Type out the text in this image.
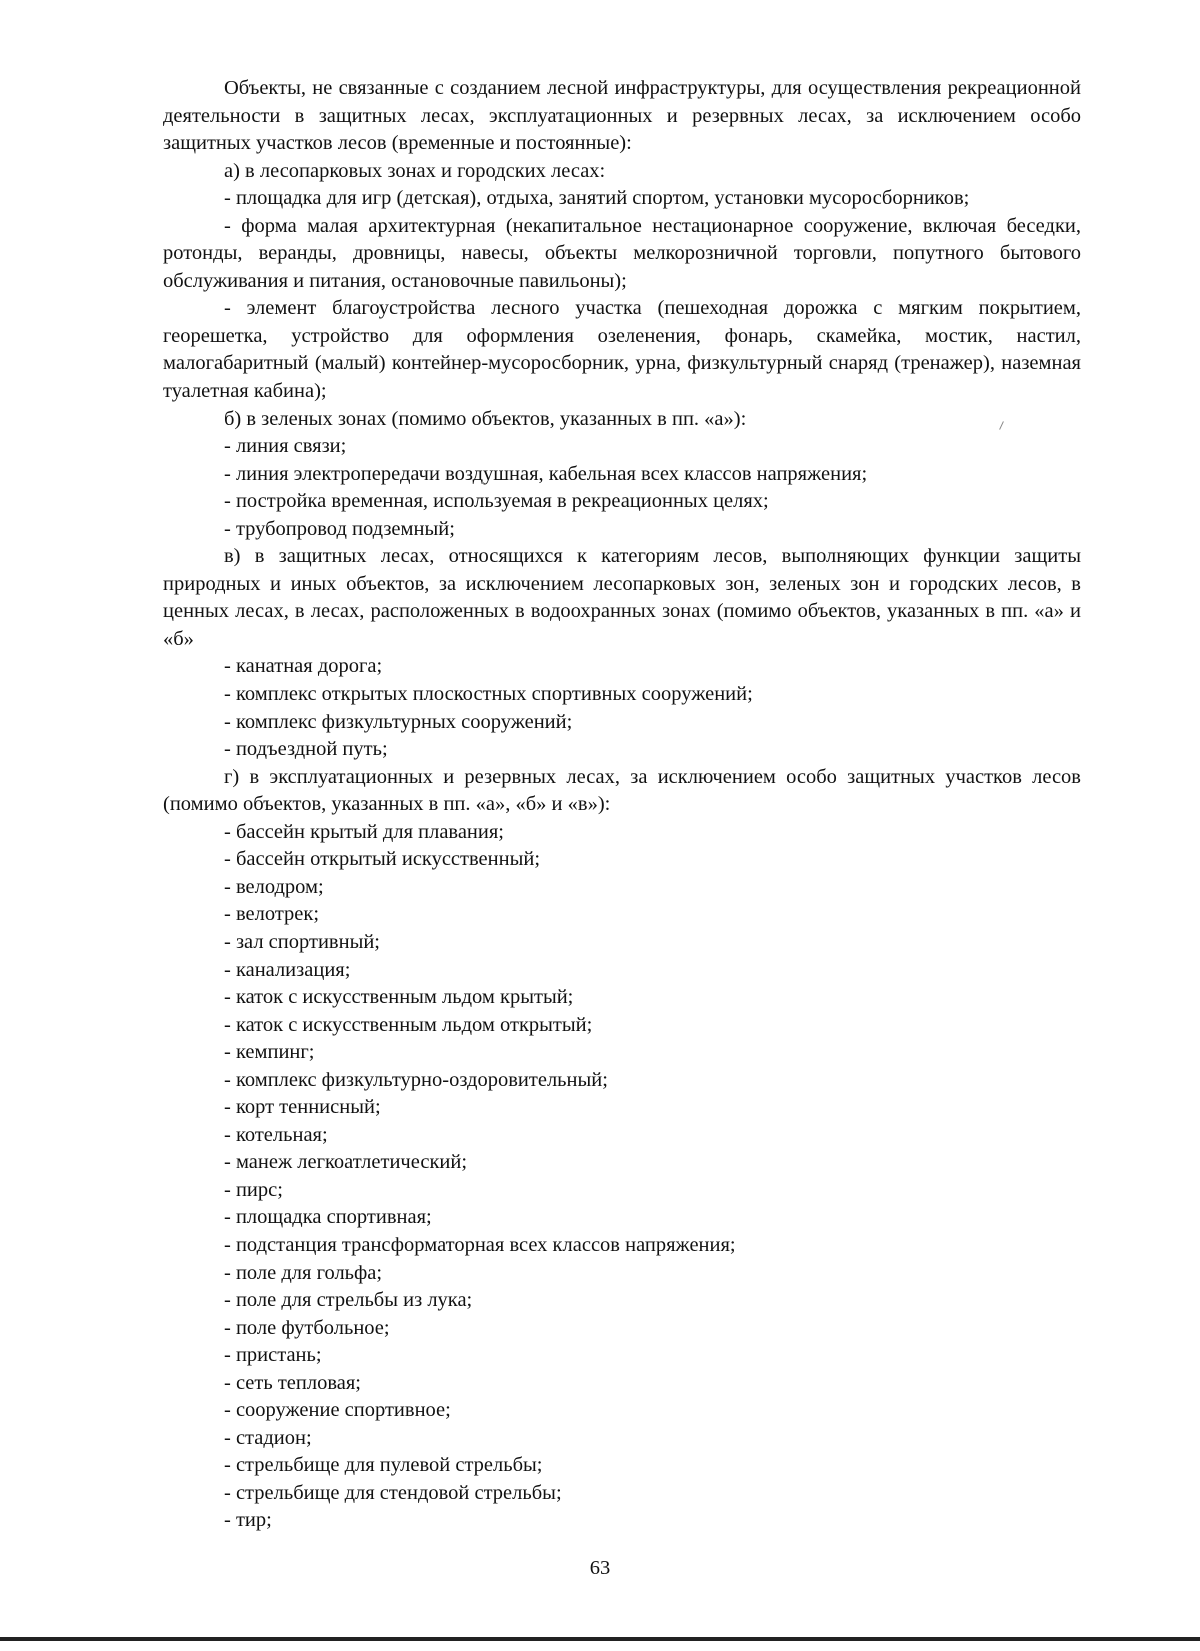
Объекты, не связанные с созданием лесной инфраструктуры, для осуществления рекреационной деятельности в защитных лесах, эксплуатационных и резервных лесах, за исключением особо защитных участков лесов (временные и постоянные):

а) в лесопарковых зонах и городских лесах:

- площадка для игр (детская), отдыха, занятий спортом, установки мусоросборников;

- форма малая архитектурная (некапитальное нестационарное сооружение, включая беседки, ротонды, веранды, дровницы, навесы, объекты мелкорозничной торговли, попутного бытового обслуживания и питания, остановочные павильоны);

- элемент благоустройства лесного участка (пешеходная дорожка с мягким покрытием, георешетка, устройство для оформления озеленения, фонарь, скамейка, мостик, настил, малогабаритный (малый) контейнер-мусоросборник, урна, физкультурный снаряд (тренажер), наземная туалетная кабина);

б) в зеленых зонах (помимо объектов, указанных в пп. «а»):

- линия связи;

- линия электропередачи воздушная, кабельная всех классов напряжения;

- постройка временная, используемая в рекреационных целях;

- трубопровод подземный;

в) в защитных лесах, относящихся к категориям лесов, выполняющих функции защиты природных и иных объектов, за исключением лесопарковых зон, зеленых зон и городских лесов, в ценных лесах, в лесах, расположенных в водоохранных зонах (помимо объектов, указанных в пп. «а» и «б»

- канатная дорога;

- комплекс открытых плоскостных спортивных сооружений;

- комплекс физкультурных сооружений;

- подъездной путь;

г) в эксплуатационных и резервных лесах, за исключением особо защитных участков лесов (помимо объектов, указанных в пп. «а», «б» и «в»):

- бассейн крытый для плавания;

- бассейн открытый искусственный;

- велодром;

- велотрек;

- зал спортивный;

- канализация;

- каток с искусственным льдом крытый;

- каток с искусственным льдом открытый;

- кемпинг;

- комплекс физкультурно-оздоровительный;

- корт теннисный;

- котельная;

- манеж легкоатлетический;

- пирс;

- площадка спортивная;

- подстанция трансформаторная всех классов напряжения;

- поле для гольфа;

- поле для стрельбы из лука;

- поле футбольное;

- пристань;

- сеть тепловая;

- сооружение спортивное;

- стадион;

- стрельбище для пулевой стрельбы;

- стрельбище для стендовой стрельбы;

- тир;

63
